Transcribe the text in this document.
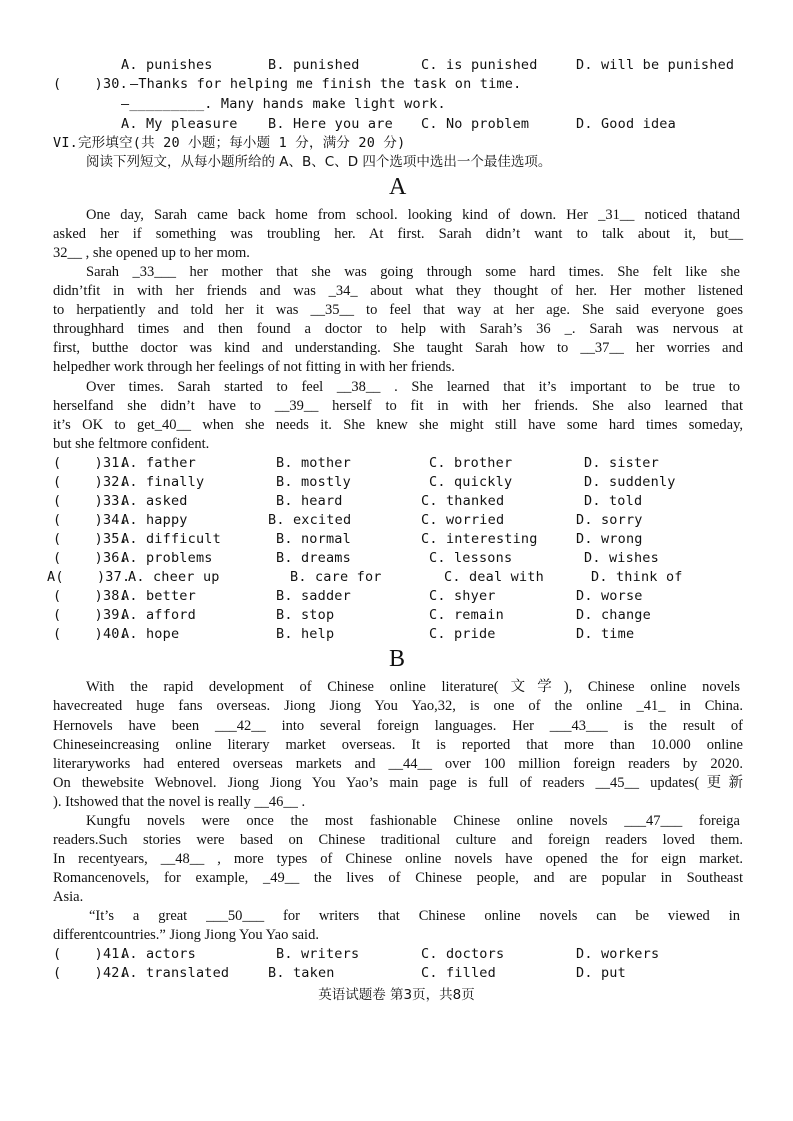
A. punishes	B. punished	C. is punished	D. will be punished
(    )30. —Thanks for helping me finish the task on time.
—_________. Many hands make light work.
A. My pleasure B. Here you are C. No problem	D. Good idea
VI.完形填空(共 20 小题；每小题 1 分，满分 20 分)
阅读下列短文，从每小题所给的 A、B、C、D 四个选项中选出一个最佳选项。
A
One day, Sarah came back home from school. looking kind of down. Her _31__ noticed thatand
asked her if something was troubling her. At first. Sarah didn’t want to talk about it, but__
32__ , she opened up to her mom.
Sarah _33___ her mother that she was going through some hard times. She felt like she
didn’tfit in with her friends and was _34_ about what they thought of her. Her mother listened
to herpatiently and told her it was __35__ to feel that way at her age. She said everyone goes
throughhard times and then found a doctor to help with Sarah’s 36 _. Sarah was nervous at
first, butthe doctor was kind and understanding. She taught Sarah how to __37__ her worries and
helpedher work through her feelings of not fitting in with her friends.
Over times. Sarah started to feel __38__ . She learned that it’s important to be true to
herselfand she didn’t have to __39__ herself to fit in with her friends. She also learned that
it’s OK to get_40__ when she needs it. She knew she might still have some hard times someday,
but she feltmore confident.
(    )31.
A. father	B. mother	C. brother	D. sister
(    )32.
A. finally	B. mostly	C. quickly	D. suddenly
(    )33.
A. asked	B. heard	C. thanked	D. told
(    )34.
A. happy	B. excited	C. worried	D. sorry
(    )35.
A. difficult	B. normal	C. interesting	D. wrong
(    )36.
A. problems	B. dreams	C. lessons	D. wishes
A(    )37.
A. cheer up	B. care for	C. deal with	D. think of
(    )38.
A. better	B. sadder	C. shyer	D. worse
(    )39.
A. afford	B. stop	C. remain	D. change
(    )40.
A. hope	B. help	C. pride	D. time
B
With the rapid development of Chinese online literature(文学), Chinese online novels
havecreated huge fans overseas. Jiong Jiong You Yao,32, is one of the online _41_ in China.
Hernovels have been ___42__ into several foreign languages. Her ___43___ is the result of
Chineseincreasing online literary market overseas. It is reported that more than 10.000 online
literaryworks had entered overseas markets and __44__ over 100 million foreign readers by 2020.
On thewebsite Webnovel. Jiong Jiong You Yao’s main page is full of readers __45__ updates(更新
). Itshowed that the novel is really __46__ .
Kungfu novels were once the most fashionable Chinese online novels ___47___ foreiga
readers.Such stories were based on Chinese traditional culture and foreign readers loved them.
In recentyears, __48__ , more types of Chinese online novels have opened the for eign market.
Romancenovels, for example, _49__ the lives of Chinese people, and are popular in Southeast
Asia.
“It’s a great ___50___ for writers that Chinese online novels can be viewed in
differentcountries.” Jiong Jiong You Yao said.
(    )41.
A. actors	B. writers	C. doctors	D. workers
(    )42.
A. translated	B. taken	C. filled	D. put
英语试题卷 第3页，共8页
